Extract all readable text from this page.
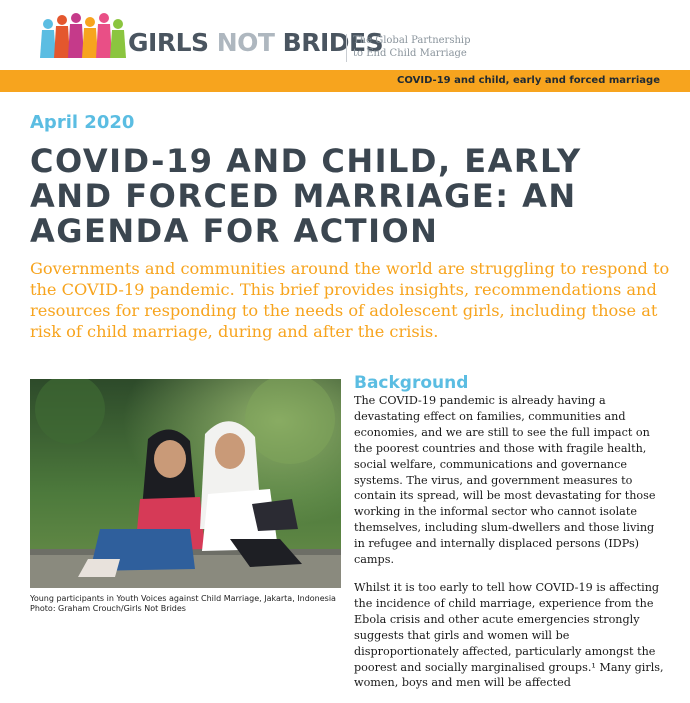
GIRLS NOT BRIDES
The Global Partnership
to End Child Marriage
COVID-19 and child, early and forced marriage
April 2020
COVID-19 AND CHILD, EARLY AND FORCED MARRIAGE: AN AGENDA FOR ACTION

Governments and communities around the world are struggling to respond to the COVID-19 pandemic. This brief provides insights, recommendations and resources for responding to the needs of adolescent girls, including those at risk of child marriage, during and after the crisis.

Young participants in Youth Voices against Child Marriage, Jakarta, Indonesia
Photo: Graham Crouch/Girls Not Brides
Background

The COVID-19 pandemic is already having a devastating effect on families, communities and economies, and we are still to see the full impact on the poorest countries and those with fragile health, social welfare, communications and governance systems. The virus, and government measures to contain its spread, will be most devastating for those working in the informal sector who cannot isolate themselves, including slum-dwellers and those living in refugee and internally displaced persons (IDPs) camps.

Whilst it is too early to tell how COVID-19 is affecting the incidence of child marriage, experience from the Ebola crisis and other acute emergencies strongly suggests that girls and women will be disproportionately affected, particularly amongst the poorest and socially marginalised groups.¹ Many girls, women, boys and men will be affected
